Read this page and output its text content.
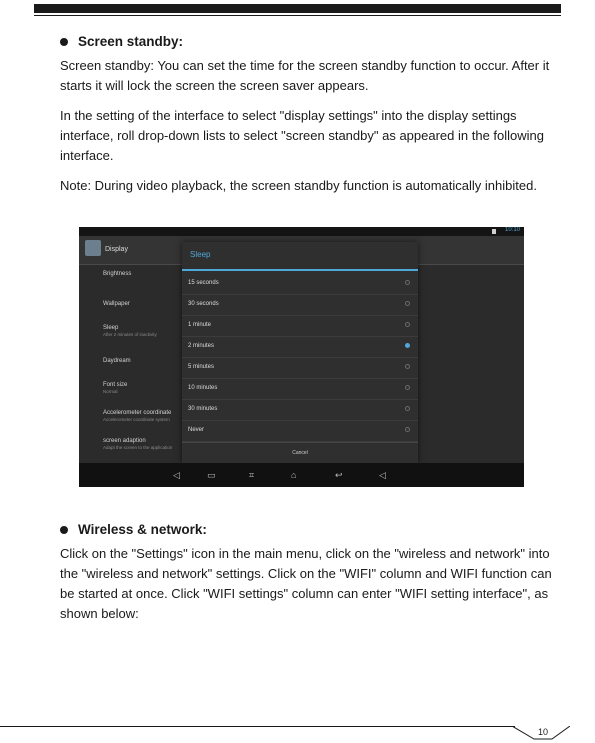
Screen standby:

Screen standby: You can set the time for the screen standby function to occur. After it starts it will lock the screen the screen saver appears.

In the setting of the interface to select "display settings" into the display settings interface, roll drop-down lists to select "screen standby" as appeared in the following interface.

Note: During video playback, the screen standby function is automatically inhibited.

10:10
Display
Brightness
Wallpaper
Sleep
After 2 minutes of inactivity
Daydream
Font size
Normal
Accelerometer coordinate
Accelerometer coordinate system
screen adaption
Adapt the screen to the application
Sleep
15 seconds
30 seconds
1 minute
2 minutes
5 minutes
10 minutes
30 minutes
Never
Cancel
◁	▭	⌗	⌂	↩	◁
Wireless & network:

Click on the "Settings" icon in the main menu, click on the "wireless and network" into the "wireless and network" settings. Click on the "WIFI" column and WIFI function can be started at once. Click "WIFI settings" column can enter "WIFI setting interface", as shown below:

10
